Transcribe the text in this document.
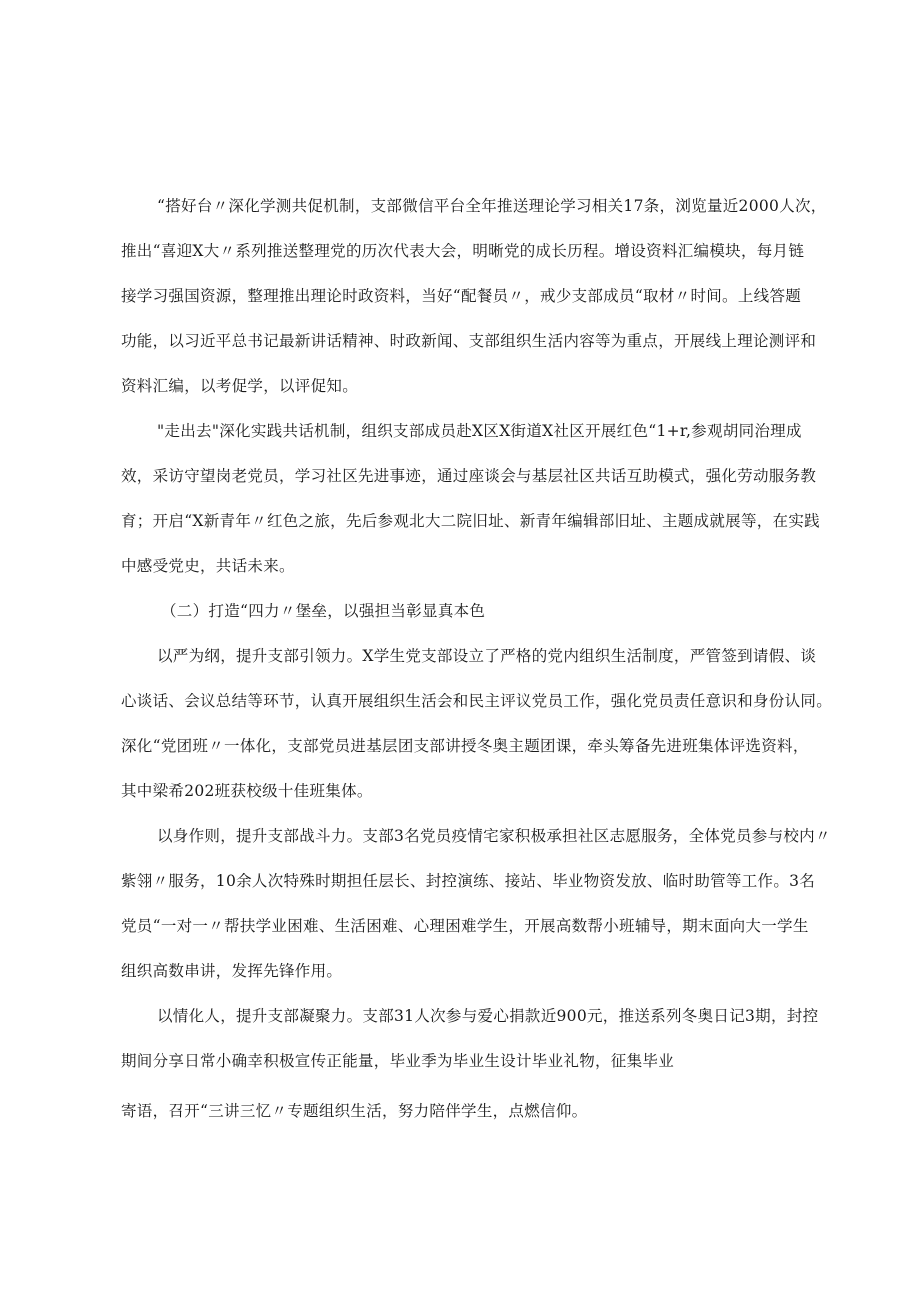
“搭好台〃深化学测共促机制，支部微信平台全年推送理论学习相关17条，浏览量近2000人次，

推出“喜迎X大〃系列推送整理党的历次代表大会，明晰党的成长历程。增设资料汇编模块，每月链

接学习强国资源，整理推出理论时政资料，当好“配餐员〃，戒少支部成员“取材〃时间。上线答题

功能，以习近平总书记最新讲话精神、时政新闻、支部组织生活内容等为重点，开展线上理论测评和

资料汇编，以考促学，以评促知。

"走出去"深化实践共话机制，组织支部成员赴X区X街道X社区开展红色“1+r,参观胡同治理成

效，采访守望岗老党员，学习社区先进事迹，通过座谈会与基层社区共话互助模式，强化劳动服务教

育；开启“X新青年〃红色之旅，先后参观北大二院旧址、新青年编辑部旧址、主题成就展等，在实践

中感受党史，共话未来。

（二）打造“四力〃堡垒，以强担当彰显真本色

以严为纲，提升支部引领力。X学生党支部设立了严格的党内组织生活制度，严管签到请假、谈

心谈话、会议总结等环节，认真开展组织生活会和民主评议党员工作，强化党员责任意识和身份认同。

深化“党团班〃一体化，支部党员进基层团支部讲授冬奥主题团课，牵头筹备先进班集体评选资料，

其中梁希202班获校级十佳班集体。

以身作则，提升支部战斗力。支部3名党员疫情宅家积极承担社区志愿服务，全体党员参与校内〃

紫翎〃服务，10余人次特殊时期担任层长、封控演练、接站、毕业物资发放、临时助管等工作。3名

党员“一对一〃帮扶学业困难、生活困难、心理困难学生，开展高数帮小班辅导，期末面向大一学生

组织高数串讲，发挥先锋作用。

以情化人，提升支部凝聚力。支部31人次参与爱心捐款近900元，推送系列冬奥日记3期，封控

期间分享日常小确幸积极宣传正能量，毕业季为毕业生设计毕业礼物，征集毕业

寄语，召开“三讲三忆〃专题组织生活，努力陪伴学生，点燃信仰。
